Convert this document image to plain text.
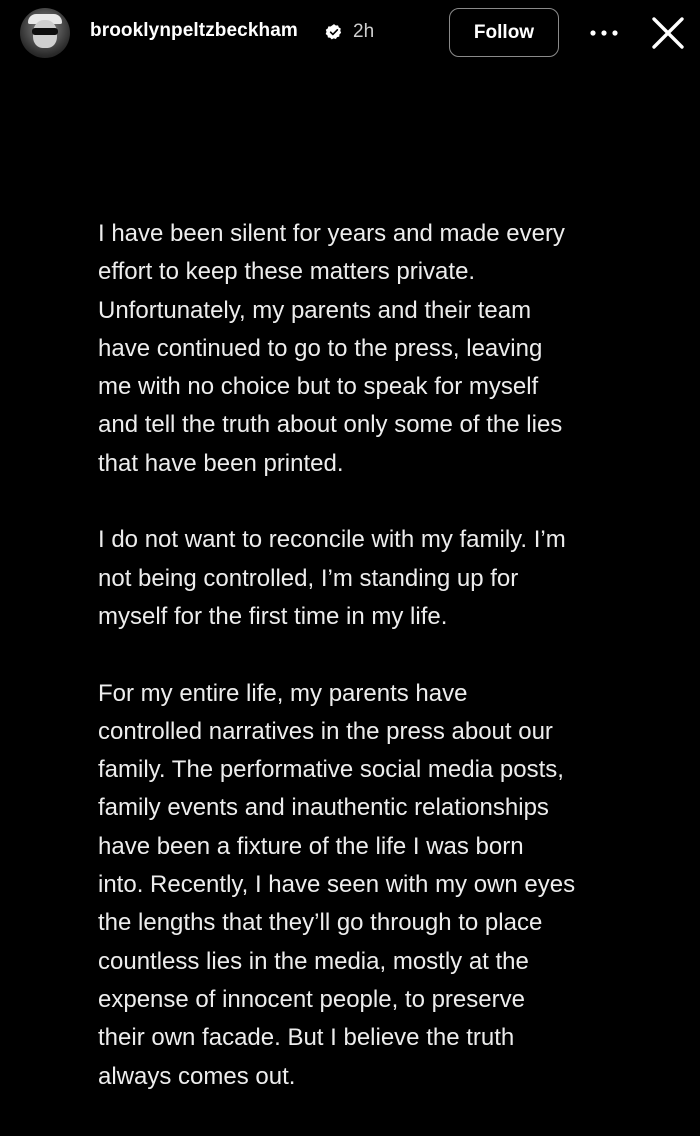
brooklynpeltzbeckham	2h	Follow

I have been silent for years and made every
effort to keep these matters private.
Unfortunately, my parents and their team
have continued to go to the press, leaving
me with no choice but to speak for myself
and tell the truth about only some of the lies
that have been printed.

I do not want to reconcile with my family. I’m
not being controlled, I’m standing up for
myself for the first time in my life.

For my entire life, my parents have
controlled narratives in the press about our
family. The performative social media posts,
family events and inauthentic relationships
have been a fixture of the life I was born
into. Recently, I have seen with my own eyes
the lengths that they’ll go through to place
countless lies in the media, mostly at the
expense of innocent people, to preserve
their own facade. But I believe the truth
always comes out.
